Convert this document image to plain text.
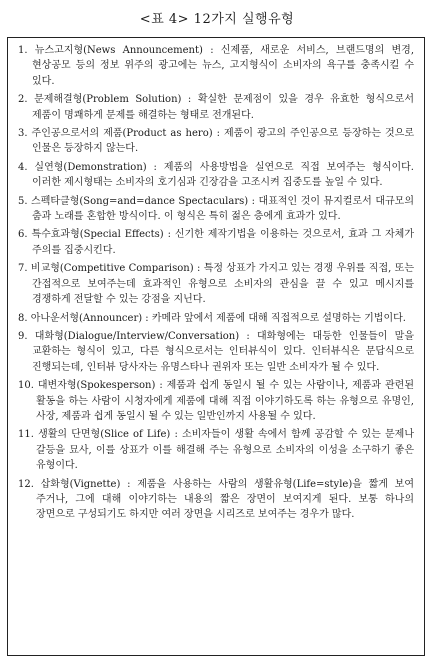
<표 4> 12가지 실행유형
1. 뉴스고지형(News Announcement) : 신제품, 새로운 서비스, 브랜드명의 변경, 현상공모 등의 정보 위주의 광고에는 뉴스, 고지형식이 소비자의 욕구를 충족시킬 수 있다.
2. 문제해결형(Problem Solution) : 확실한 문제점이 있을 경우 유효한 형식으로서 제품이 명쾌하게 문제를 해결하는 형태로 전개된다.
3. 주인공으로서의 제품(Product as hero) : 제품이 광고의 주인공으로 등장하는 것으로 인물은 등장하지 않는다.
4. 실연형(Demonstration) : 제품의 사용방법을 실연으로 직접 보여주는 형식이다. 이러한 제시형태는 소비자의 호기심과 긴장감을 고조시켜 집중도를 높일 수 있다.
5. 스펙타클형(Song=and=dance Spectaculars) : 대표적인 것이 뮤지컬로서 대규모의 춤과 노래를 혼합한 방식이다. 이 형식은 특히 젊은 층에게 효과가 있다.
6. 특수효과형(Special Effects) : 신기한 제작기법을 이용하는 것으로서, 효과 그 자체가 주의를 집중시킨다.
7. 비교형(Competitive Comparison) : 특정 상표가 가지고 있는 경쟁 우위를 직접, 또는 간접적으로 보여주는데 효과적인 유형으로 소비자의 관심을 끌 수 있고 메시지를 경쟁하게 전달할 수 있는 강점을 지닌다.
8. 아나운서형(Announcer) : 카메라 앞에서 제품에 대해 직접적으로 설명하는 기법이다.
9. 대화형(Dialogue/Interview/Conversation) : 대화형에는 대등한 인물들이 말을 교환하는 형식이 있고, 다른 형식으로서는 인터뷰식이 있다. 인터뷰식은 문답식으로 진행되는데, 인터뷰 당사자는 유명스타나 권위자 또는 일반 소비자가 될 수 있다.
10. 대변자형(Spokesperson) : 제품과 쉽게 동일시 될 수 있는 사람이나, 제품과 관련된 활동을 하는 사람이 시청자에게 제품에 대해 직접 이야기하도록 하는 유형으로 유명인, 사장, 제품과 쉽게 동일시 될 수 있는 일반인까지 사용될 수 있다.
11. 생활의 단면형(Slice of Life) : 소비자들이 생활 속에서 함께 공감할 수 있는 문제나 갈등을 묘사, 이를 상표가 이를 해결해 주는 유형으로 소비자의 이성을 소구하기 좋은 유형이다.
12. 삽화형(Vignette) : 제품을 사용하는 사람의 생활유형(Life=style)을 짧게 보여 주거나, 그에 대해 이야기하는 내용의 짧은 장면이 보여지게 된다. 보통 하나의 장면으로 구성되기도 하지만 여러 장면을 시리즈로 보여주는 경우가 많다.
